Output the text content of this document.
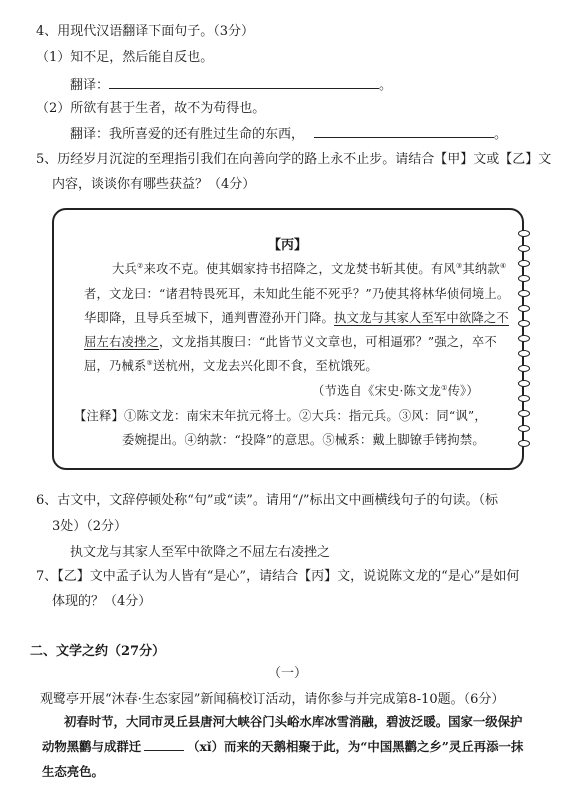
4、用现代汉语翻译下面句子。（3分）
（1）知不足，然后能自反也。
翻译：	。
（2）所欲有甚于生者，故不为苟得也。
翻译：我所喜爱的还有胜过生命的东西，	。
5、历经岁月沉淀的至理指引我们在向善向学的路上永不止步。请结合【甲】文或【乙】文
内容，谈谈你有哪些获益？（4分）
【丙】
大兵②来攻不克。使其姻家持书招降之，文龙焚书斩其使。有风③其纳款④
者，文龙曰：“诸君特畏死耳，未知此生能不死乎？”乃使其将林华侦伺境上。
华即降，且导兵至城下，通判曹澄孙开门降。执文龙与其家人至军中欲降之不
屈左右凌挫之，文龙指其腹曰：“此皆节义文章也，可相逼邪？”强之，卒不
屈，乃械系⑤送杭州，文龙去兴化即不食，至杭饿死。
（节选自《宋史·陈文龙①传》）
【注释】①陈文龙：南宋末年抗元将士。②大兵：指元兵。③风：同“讽”，
委婉提出。④纳款：“投降”的意思。⑤械系：戴上脚镣手铐拘禁。
6、古文中，文辞停顿处称“句”或“读”。请用“/”标出文中画横线句子的句读。（标
3处）（2分）
执文龙与其家人至军中欲降之不屈左右凌挫之
7、【乙】文中孟子认为人皆有“是心”，请结合【丙】文，说说陈文龙的“是心”是如何
体现的？（4分）
二、文学之约（27分）
（一）
观鹭亭开展“沐春·生态家园”新闻稿校订活动，请你参与并完成第8-10题。（6分）
初春时节，大同市灵丘县唐河大峡谷门头峪水库冰雪消融，碧波泛暖。国家一级保护
动物黑鹳与成群迁	（xǐ）而来的天鹅相聚于此，为“中国黑鹳之乡”灵丘再添一抹
生态亮色。
